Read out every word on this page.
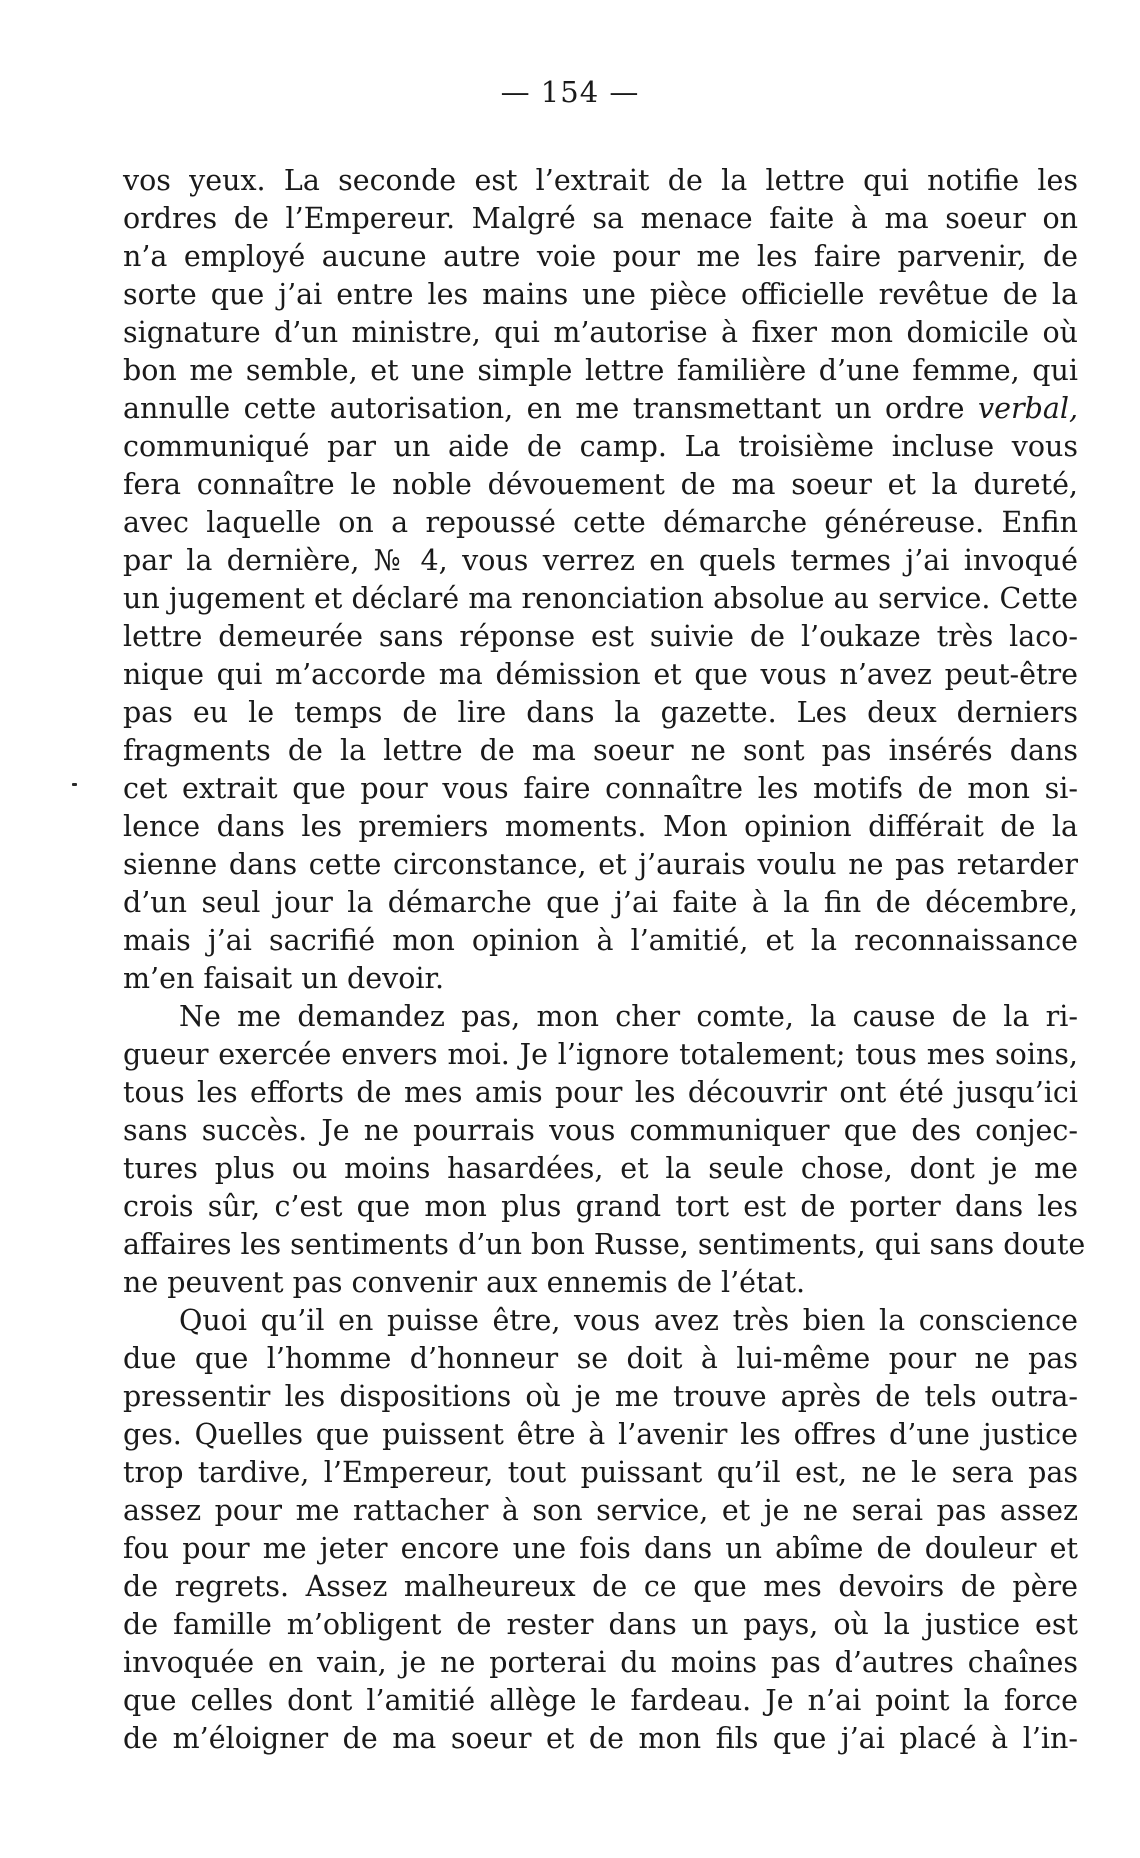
— 154 —
vos yeux. La seconde est l’extrait de la lettre qui notifie les
ordres de l’Empereur. Malgré sa menace faite à ma soeur on
n’a employé aucune autre voie pour me les faire parvenir, de
sorte que j’ai entre les mains une pièce officielle revêtue de la
signature d’un ministre, qui m’autorise à fixer mon domicile où
bon me semble, et une simple lettre familière d’une femme, qui
annulle cette autorisation, en me transmettant un ordre verbal,
communiqué par un aide de camp. La troisième incluse vous
fera connaître le noble dévouement de ma soeur et la dureté,
avec laquelle on a repoussé cette démarche généreuse. Enfin
par la dernière, № 4, vous verrez en quels termes j’ai invoqué
un jugement et déclaré ma renonciation absolue au service. Cette
lettre demeurée sans réponse est suivie de l’oukaze très laco-
nique qui m’accorde ma démission et que vous n’avez peut-être
pas eu le temps de lire dans la gazette. Les deux derniers
fragments de la lettre de ma soeur ne sont pas insérés dans
cet extrait que pour vous faire connaître les motifs de mon si-
lence dans les premiers moments. Mon opinion différait de la
sienne dans cette circonstance, et j’aurais voulu ne pas retarder
d’un seul jour la démarche que j’ai faite à la fin de décembre,
mais j’ai sacrifié mon opinion à l’amitié, et la reconnaissance
m’en faisait un devoir.
Ne me demandez pas, mon cher comte, la cause de la ri-
gueur exercée envers moi. Je l’ignore totalement; tous mes soins,
tous les efforts de mes amis pour les découvrir ont été jusqu’ici
sans succès. Je ne pourrais vous communiquer que des conjec-
tures plus ou moins hasardées, et la seule chose, dont je me
crois sûr, c’est que mon plus grand tort est de porter dans les
affaires les sentiments d’un bon Russe, sentiments, qui sans doute
ne peuvent pas convenir aux ennemis de l’état.
Quoi qu’il en puisse être, vous avez très bien la conscience
due que l’homme d’honneur se doit à lui-même pour ne pas
pressentir les dispositions où je me trouve après de tels outra-
ges. Quelles que puissent être à l’avenir les offres d’une justice
trop tardive, l’Empereur, tout puissant qu’il est, ne le sera pas
assez pour me rattacher à son service, et je ne serai pas assez
fou pour me jeter encore une fois dans un abîme de douleur et
de regrets. Assez malheureux de ce que mes devoirs de père
de famille m’obligent de rester dans un pays, où la justice est
invoquée en vain, je ne porterai du moins pas d’autres chaînes
que celles dont l’amitié allège le fardeau. Je n’ai point la force
de m’éloigner de ma soeur et de mon fils que j’ai placé à l’in-
